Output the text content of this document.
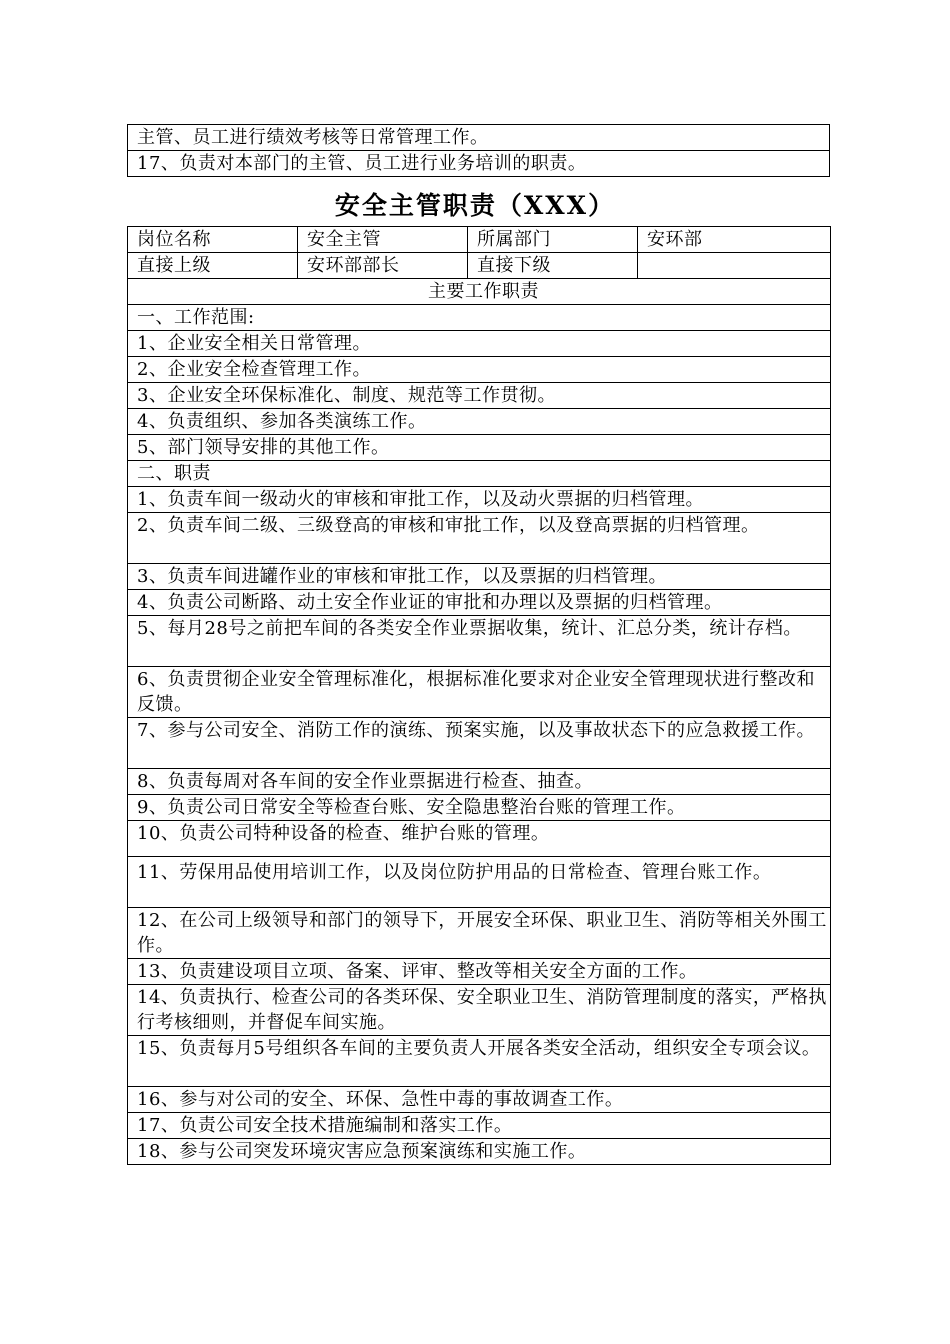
主管、员工进行绩效考核等日常管理工作。
17、负责对本部门的主管、员工进行业务培训的职责。
安全主管职责（XXX）
岗位名称	安全主管	所属部门	安环部
直接上级	安环部部长	直接下级	
主要工作职责			
一、工作范围:			
1、企业安全相关日常管理。			
2、企业安全检查管理工作。			
3、企业安全环保标准化、制度、规范等工作贯彻。			
4、负责组织、参加各类演练工作。			
5、部门领导安排的其他工作。			
二、职责			
1、负责车间一级动火的审核和审批工作，以及动火票据的归档管理。			
2、负责车间二级、三级登高的审核和审批工作，以及登高票据的归档管理。			
3、负责车间进罐作业的审核和审批工作，以及票据的归档管理。			
4、负责公司断路、动土安全作业证的审批和办理以及票据的归档管理。			
5、每月28号之前把车间的各类安全作业票据收集，统计、汇总分类，统计存档。			
6、负责贯彻企业安全管理标准化，根据标准化要求对企业安全管理现状进行整改和反馈。			
7、参与公司安全、消防工作的演练、预案实施，以及事故状态下的应急救援工作。			
8、负责每周对各车间的安全作业票据进行检查、抽查。			
9、负责公司日常安全等检查台账、安全隐患整治台账的管理工作。			
10、负责公司特种设备的检查、维护台账的管理。			
11、劳保用品使用培训工作，以及岗位防护用品的日常检查、管理台账工作。			
12、在公司上级领导和部门的领导下，开展安全环保、职业卫生、消防等相关外围工作。			
13、负责建设项目立项、备案、评审、整改等相关安全方面的工作。			
14、负责执行、检查公司的各类环保、安全职业卫生、消防管理制度的落实，严格执行考核细则，并督促车间实施。			
15、负责每月5号组织各车间的主要负责人开展各类安全活动，组织安全专项会议。			
16、参与对公司的安全、环保、急性中毒的事故调查工作。			
17、负责公司安全技术措施编制和落实工作。			
18、参与公司突发环境灾害应急预案演练和实施工作。			
